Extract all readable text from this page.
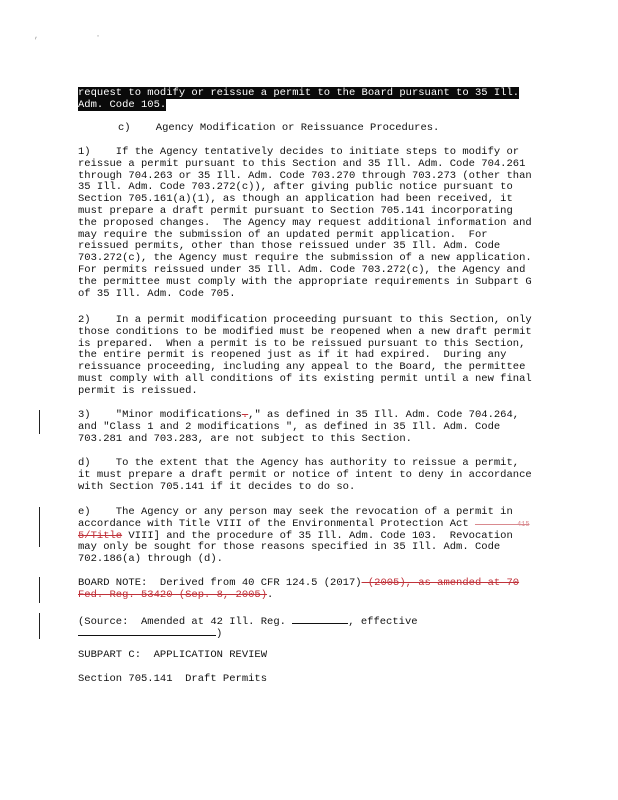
, ·
request to modify or reissue a permit to the Board pursuant to 35 Ill.
Adm. Code 105.
c)    Agency Modification or Reissuance Procedures.
1)    If the Agency tentatively decides to initiate steps to modify or
reissue a permit pursuant to this Section and 35 Ill. Adm. Code 704.261
through 704.263 or 35 Ill. Adm. Code 703.270 through 703.273 (other than
35 Ill. Adm. Code 703.272(c)), after giving public notice pursuant to
Section 705.161(a)(1), as though an application had been received, it
must prepare a draft permit pursuant to Section 705.141 incorporating
the proposed changes.  The Agency may request additional information and
may require the submission of an updated permit application.  For
reissued permits, other than those reissued under 35 Ill. Adm. Code
703.272(c), the Agency must require the submission of a new application.
For permits reissued under 35 Ill. Adm. Code 703.272(c), the Agency and
the permittee must comply with the appropriate requirements in Subpart G
of 35 Ill. Adm. Code 705.
2)    In a permit modification proceeding pursuant to this Section, only
those conditions to be modified must be reopened when a new draft permit
is prepared.  When a permit is to be reissued pursuant to this Section,
the entire permit is reopened just as if it had expired.  During any
reissuance proceeding, including any appeal to the Board, the permittee
must comply with all conditions of its existing permit until a new final
permit is reissued.
3)    "Minor modifications.," as defined in 35 Ill. Adm. Code 704.264,
and "Class 1 and 2 modifications ", as defined in 35 Ill. Adm. Code
703.281 and 703.283, are not subject to this Section.
d)    To the extent that the Agency has authority to reissue a permit,
it must prepare a draft permit or notice of intent to deny in accordance
with Section 705.141 if it decides to do so.
e)    The Agency or any person may seek the revocation of a permit in
accordance with Title VIII of the Environmental Protection Act           415
5/Title VIII] and the procedure of 35 Ill. Adm. Code 103.  Revocation
may only be sought for those reasons specified in 35 Ill. Adm. Code
702.186(a) through (d).
BOARD NOTE:  Derived from 40 CFR 124.5 (2017) (2005), as amended at 70
Fed. Reg. 53420 (Sep. 8, 2005).
(Source:  Amended at 42 Ill. Reg.	, effective
)
SUBPART C:  APPLICATION REVIEW
Section 705.141  Draft Permits
